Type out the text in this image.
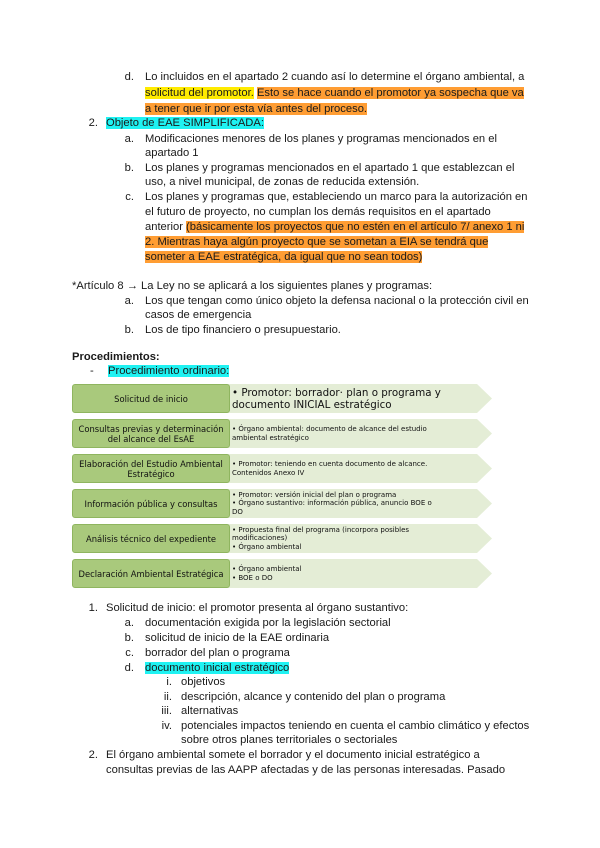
d. Lo incluidos en el apartado 2 cuando así lo determine el órgano ambiental, a
solicitud del promotor. Esto se hace cuando el promotor ya sospecha que va
a tener que ir por esta vía antes del proceso.
2. Objeto de EAE SIMPLIFICADA:
a. Modificaciones menores de los planes y programas mencionados en el
apartado 1
b. Los planes y programas mencionados en el apartado 1 que establezcan el
uso, a nivel municipal, de zonas de reducida extensión.
c. Los planes y programas que, estableciendo un marco para la autorización en
el futuro de proyecto, no cumplan los demás requisitos en el apartado
anterior (básicamente los proyectos que no estén en el artículo 7/ anexo 1 ni
2. Mientras haya algún proyecto que se sometan a EIA se tendrá que
someter a EAE estratégica, da igual que no sean todos)
*Artículo 8 → La Ley no se aplicará a los siguientes planes y programas:
a. Los que tengan como único objeto la defensa nacional o la protección civil en
casos de emergencia
b. Los de tipo financiero o presupuestario.
Procedimientos:
- Procedimiento ordinario:
Solicitud de inicio	• Promotor: borrador· plan o programa y
documento INICIAL estratégico
Consultas previas y determinación del alcance del EsAE
• Órgano ambiental: documento de alcance del estudio
ambiental estratégico
Elaboración del Estudio Ambiental Estratégico
• Promotor: teniendo en cuenta documento de alcance.
Contenidos Anexo IV
Información pública y consultas
• Promotor: versión inicial del plan o programa
• Órgano sustantivo: información pública, anuncio BOE o
DO
Análisis técnico del expediente
• Propuesta final del programa (incorpora posibles
modificaciones)
• Órgano ambiental
Declaración Ambiental Estratégica	• Órgano ambiental
• BOE o DO
1. Solicitud de inicio: el promotor presenta al órgano sustantivo:
a. documentación exigida por la legislación sectorial
b. solicitud de inicio de la EAE ordinaria
c. borrador del plan o programa
d. documento inicial estratégico
i. objetivos
ii. descripción, alcance y contenido del plan o programa
iii. alternativas
iv. potenciales impactos teniendo en cuenta el cambio climático y efectos
sobre otros planes territoriales o sectoriales
2. El órgano ambiental somete el borrador y el documento inicial estratégico a
consultas previas de las AAPP afectadas y de las personas interesadas. Pasado
